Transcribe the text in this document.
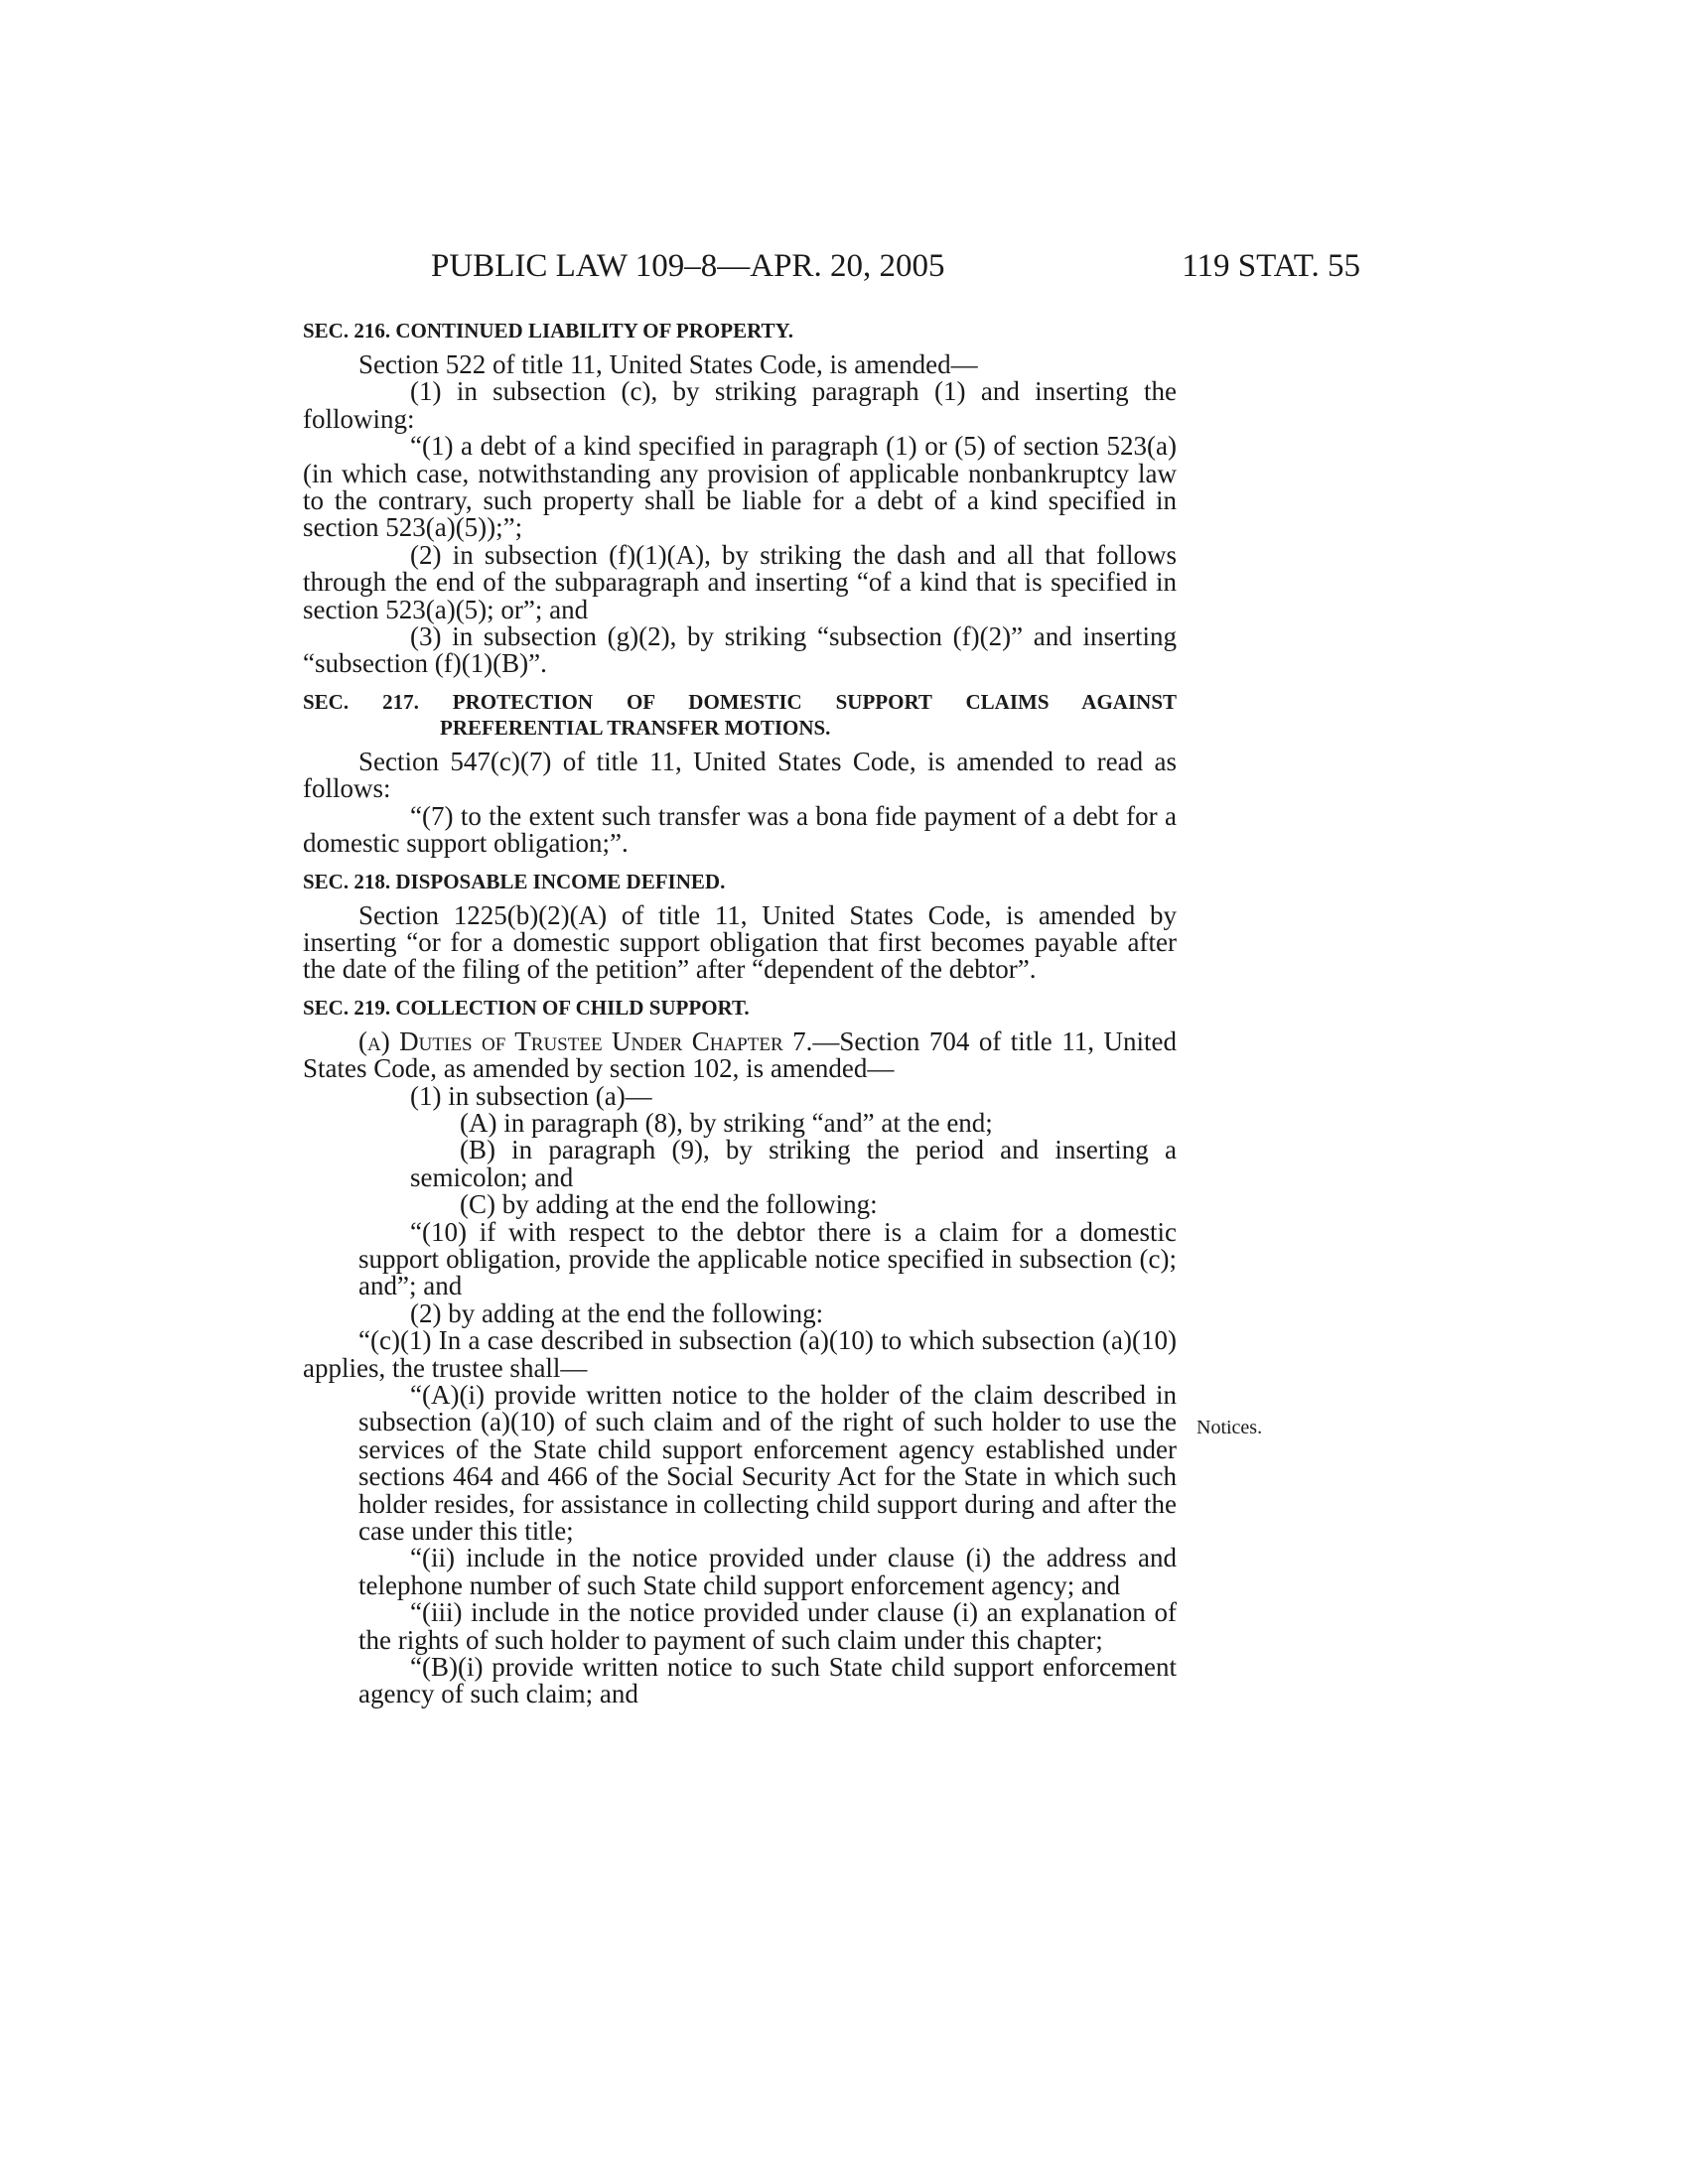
PUBLIC LAW 109–8—APR. 20, 2005	119 STAT. 55
Notices.
SEC. 216. CONTINUED LIABILITY OF PROPERTY.

Section 522 of title 11, United States Code, is amended—

(1) in subsection (c), by striking paragraph (1) and inserting the following:

“(1) a debt of a kind specified in paragraph (1) or (5) of section 523(a) (in which case, notwithstanding any provision of applicable nonbankruptcy law to the contrary, such property shall be liable for a debt of a kind specified in section 523(a)(5));”;

(2) in subsection (f)(1)(A), by striking the dash and all that follows through the end of the subparagraph and inserting “of a kind that is specified in section 523(a)(5); or”; and

(3) in subsection (g)(2), by striking “subsection (f)(2)” and inserting “subsection (f)(1)(B)”.

SEC. 217. PROTECTION OF DOMESTIC SUPPORT CLAIMS AGAINST
PREFERENTIAL TRANSFER MOTIONS.

Section 547(c)(7) of title 11, United States Code, is amended to read as follows:

“(7) to the extent such transfer was a bona fide payment of a debt for a domestic support obligation;”.

SEC. 218. DISPOSABLE INCOME DEFINED.

Section 1225(b)(2)(A) of title 11, United States Code, is amended by inserting “or for a domestic support obligation that first becomes payable after the date of the filing of the petition” after “dependent of the debtor”.

SEC. 219. COLLECTION OF CHILD SUPPORT.

(a) Duties of Trustee Under Chapter 7.—Section 704 of title 11, United States Code, as amended by section 102, is amended—

(1) in subsection (a)—

(A) in paragraph (8), by striking “and” at the end;

(B) in paragraph (9), by striking the period and inserting a semicolon; and

(C) by adding at the end the following:

“(10) if with respect to the debtor there is a claim for a domestic support obligation, provide the applicable notice specified in subsection (c); and”; and

(2) by adding at the end the following:

“(c)(1) In a case described in subsection (a)(10) to which subsection (a)(10) applies, the trustee shall—

“(A)(i) provide written notice to the holder of the claim described in subsection (a)(10) of such claim and of the right of such holder to use the services of the State child support enforcement agency established under sections 464 and 466 of the Social Security Act for the State in which such holder resides, for assistance in collecting child support during and after the case under this title;

“(ii) include in the notice provided under clause (i) the address and telephone number of such State child support enforcement agency; and

“(iii) include in the notice provided under clause (i) an explanation of the rights of such holder to payment of such claim under this chapter;

“(B)(i) provide written notice to such State child support enforcement agency of such claim; and
